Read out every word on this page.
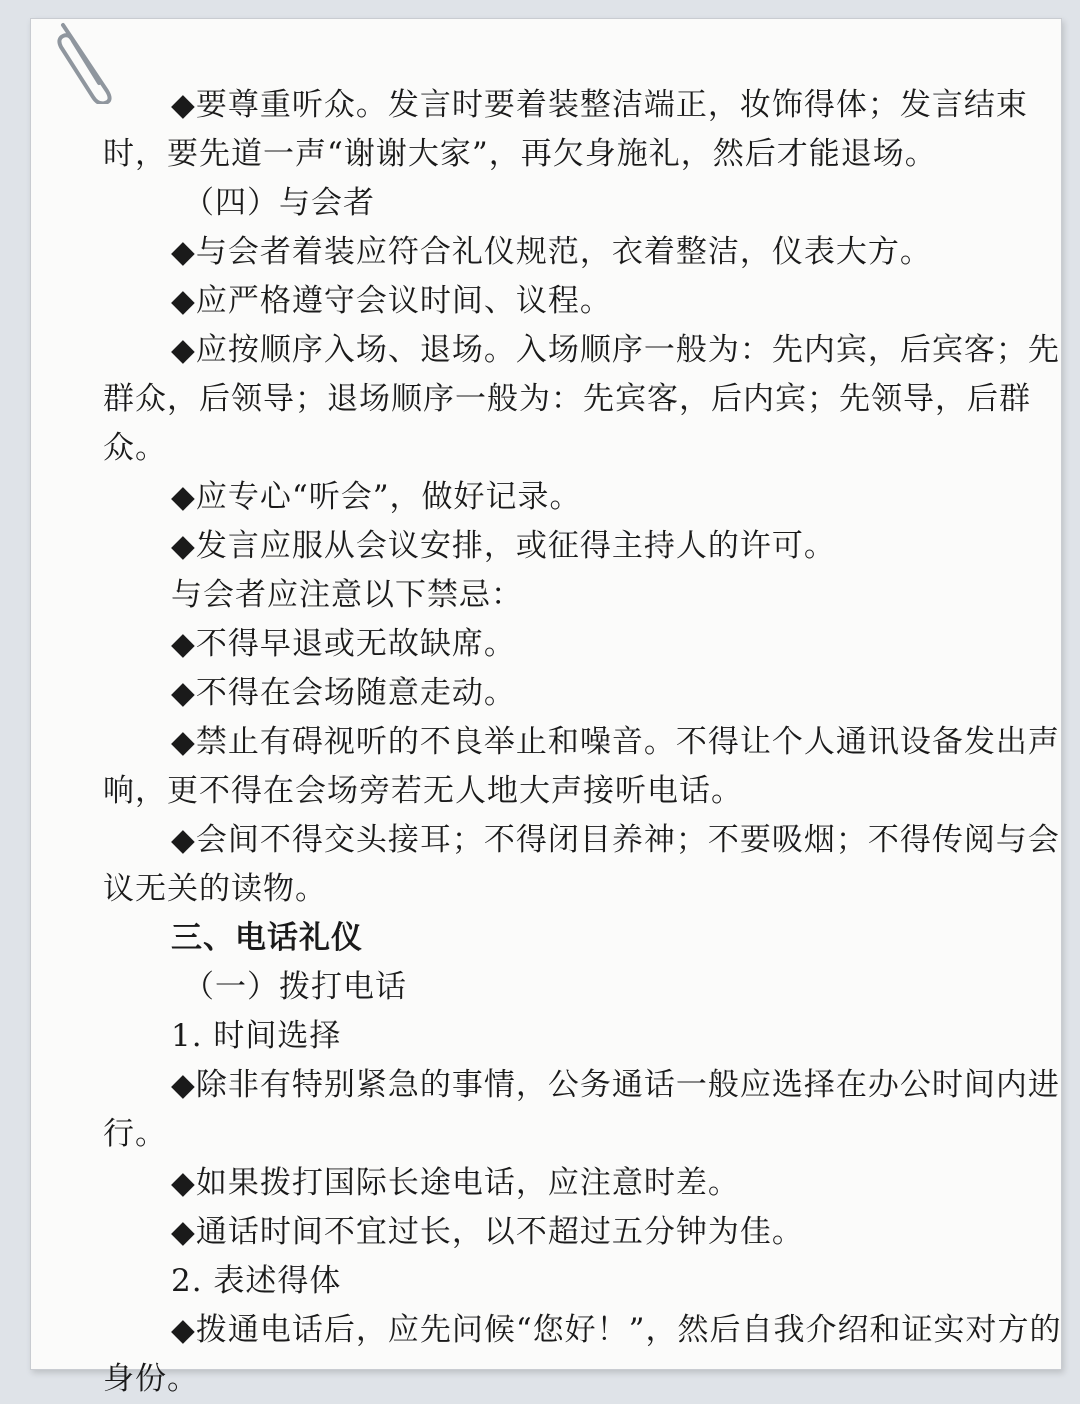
◆要尊重听众。发言时要着装整洁端正，妆饰得体；发言结束时，要先道一声“谢谢大家”，再欠身施礼，然后才能退场。

（四）与会者

◆与会者着装应符合礼仪规范，衣着整洁，仪表大方。

◆应严格遵守会议时间、议程。

◆应按顺序入场、退场。入场顺序一般为：先内宾，后宾客；先群众，后领导；退场顺序一般为：先宾客，后内宾；先领导，后群众。

◆应专心“听会”，做好记录。

◆发言应服从会议安排，或征得主持人的许可。

与会者应注意以下禁忌：

◆不得早退或无故缺席。

◆不得在会场随意走动。

◆禁止有碍视听的不良举止和噪音。不得让个人通讯设备发出声响，更不得在会场旁若无人地大声接听电话。

◆会间不得交头接耳；不得闭目养神；不要吸烟；不得传阅与会议无关的读物。

三、电话礼仪

（一）拨打电话

1. 时间选择

◆除非有特别紧急的事情，公务通话一般应选择在办公时间内进行。

◆如果拨打国际长途电话，应注意时差。

◆通话时间不宜过长，以不超过五分钟为佳。

2. 表述得体

◆拨通电话后，应先问候“您好！”，然后自我介绍和证实对方的身份。
